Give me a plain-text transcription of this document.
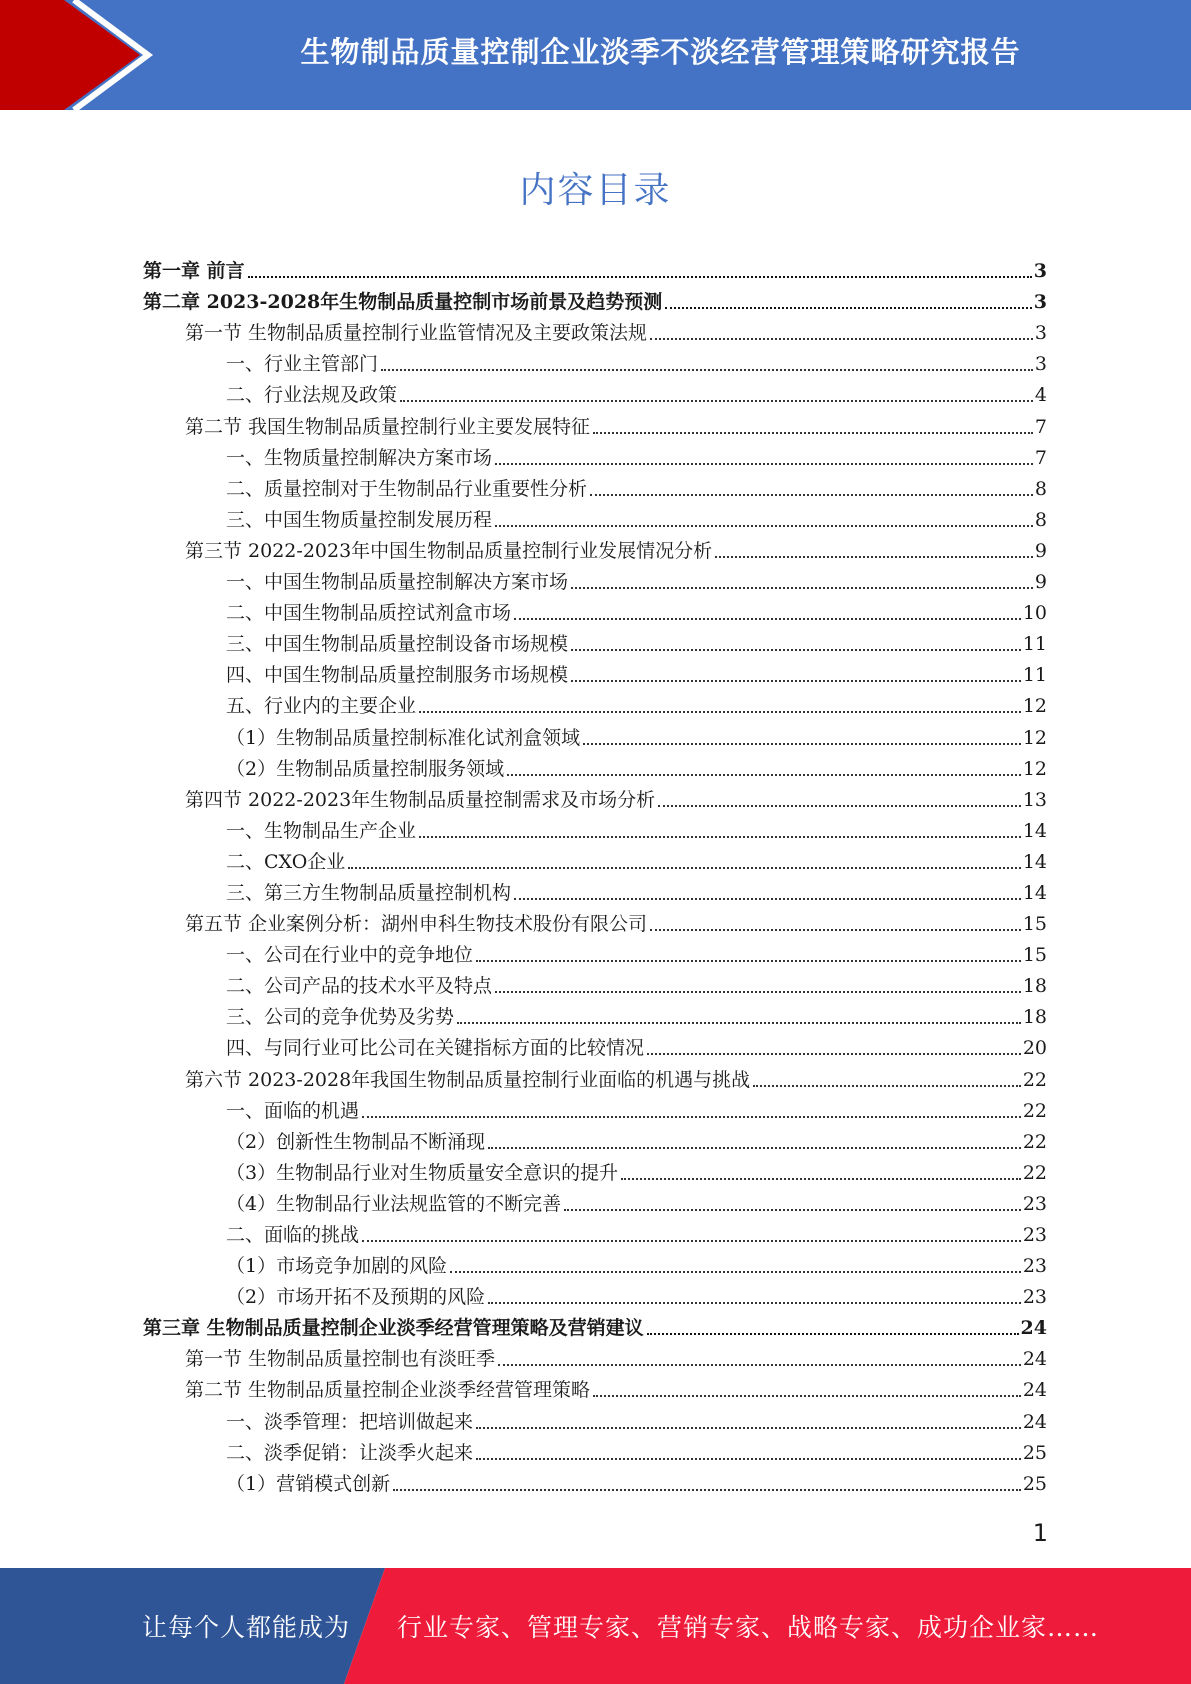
生物制品质量控制企业淡季不淡经营管理策略研究报告
内容目录
第一章 前言	3
第二章 2023-2028年生物制品质量控制市场前景及趋势预测	3
第一节 生物制品质量控制行业监管情况及主要政策法规	3
一、行业主管部门	3
二、行业法规及政策	4
第二节 我国生物制品质量控制行业主要发展特征	7
一、生物质量控制解决方案市场	7
二、质量控制对于生物制品行业重要性分析	8
三、中国生物质量控制发展历程	8
第三节 2022-2023年中国生物制品质量控制行业发展情况分析	9
一、中国生物制品质量控制解决方案市场	9
二、中国生物制品质控试剂盒市场	10
三、中国生物制品质量控制设备市场规模	11
四、中国生物制品质量控制服务市场规模	11
五、行业内的主要企业	12
（1）生物制品质量控制标准化试剂盒领域	12
（2）生物制品质量控制服务领域	12
第四节 2022-2023年生物制品质量控制需求及市场分析	13
一、生物制品生产企业	14
二、CXO企业	14
三、第三方生物制品质量控制机构	14
第五节 企业案例分析：湖州申科生物技术股份有限公司	15
一、公司在行业中的竞争地位	15
二、公司产品的技术水平及特点	18
三、公司的竞争优势及劣势	18
四、与同行业可比公司在关键指标方面的比较情况	20
第六节 2023-2028年我国生物制品质量控制行业面临的机遇与挑战	22
一、面临的机遇	22
（2）创新性生物制品不断涌现	22
（3）生物制品行业对生物质量安全意识的提升	22
（4）生物制品行业法规监管的不断完善	23
二、面临的挑战	23
（1）市场竞争加剧的风险	23
（2）市场开拓不及预期的风险	23
第三章 生物制品质量控制企业淡季经营管理策略及营销建议	24
第一节 生物制品质量控制也有淡旺季	24
第二节 生物制品质量控制企业淡季经营管理策略	24
一、淡季管理：把培训做起来	24
二、淡季促销：让淡季火起来	25
（1）营销模式创新	25
1
让每个人都能成为 行业专家、管理专家、营销专家、战略专家、成功企业家……
